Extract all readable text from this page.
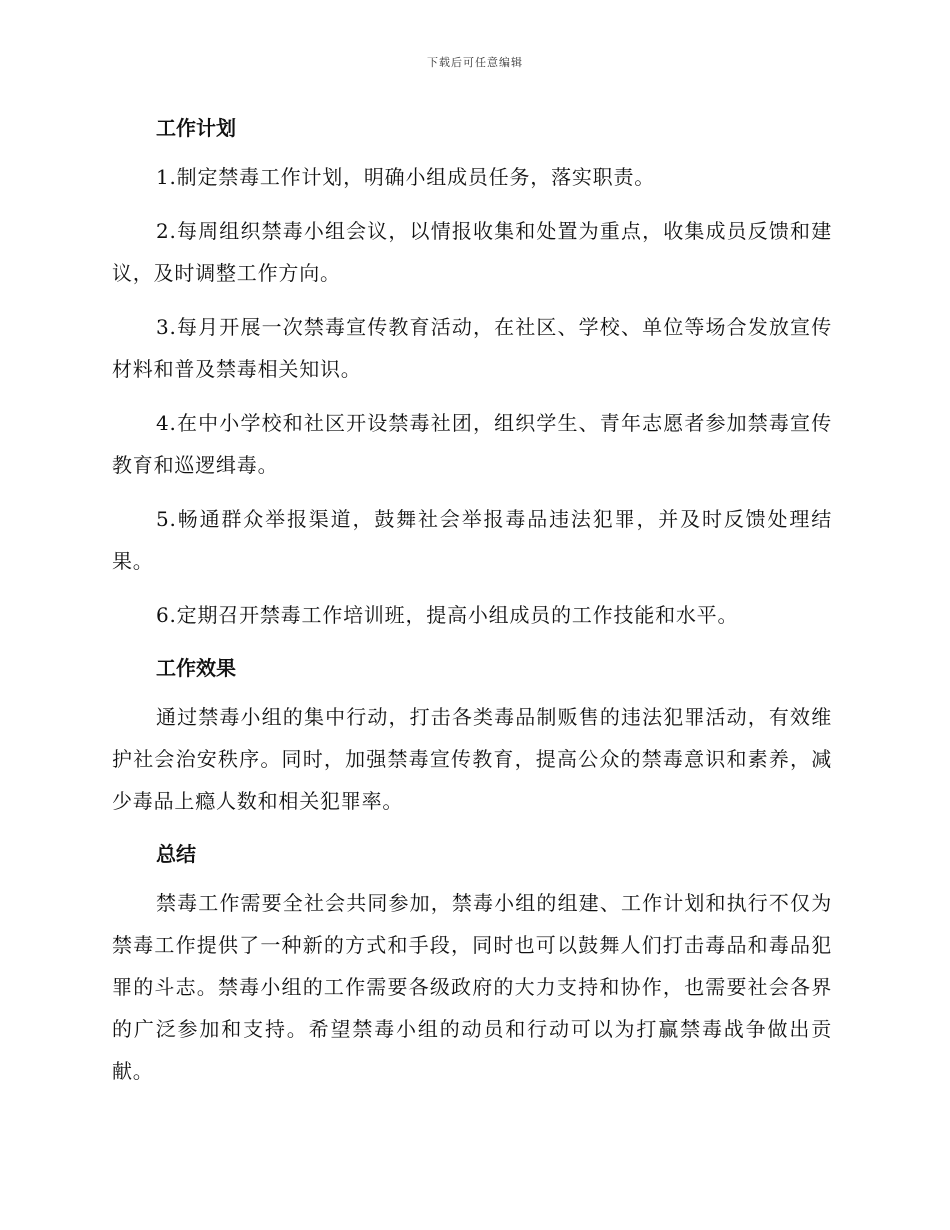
下载后可任意编辑
工作计划

1.制定禁毒工作计划，明确小组成员任务，落实职责。

2.每周组织禁毒小组会议，以情报收集和处置为重点，收集成员反馈和建议，及时调整工作方向。

3.每月开展一次禁毒宣传教育活动，在社区、学校、单位等场合发放宣传材料和普及禁毒相关知识。

4.在中小学校和社区开设禁毒社团，组织学生、青年志愿者参加禁毒宣传教育和巡逻缉毒。

5.畅通群众举报渠道，鼓舞社会举报毒品违法犯罪，并及时反馈处理结果。

6.定期召开禁毒工作培训班，提高小组成员的工作技能和水平。

工作效果

通过禁毒小组的集中行动，打击各类毒品制贩售的违法犯罪活动，有效维护社会治安秩序。同时，加强禁毒宣传教育，提高公众的禁毒意识和素养，减少毒品上瘾人数和相关犯罪率。

总结

禁毒工作需要全社会共同参加，禁毒小组的组建、工作计划和执行不仅为禁毒工作提供了一种新的方式和手段，同时也可以鼓舞人们打击毒品和毒品犯罪的斗志。禁毒小组的工作需要各级政府的大力支持和协作，也需要社会各界的广泛参加和支持。希望禁毒小组的动员和行动可以为打赢禁毒战争做出贡献。
